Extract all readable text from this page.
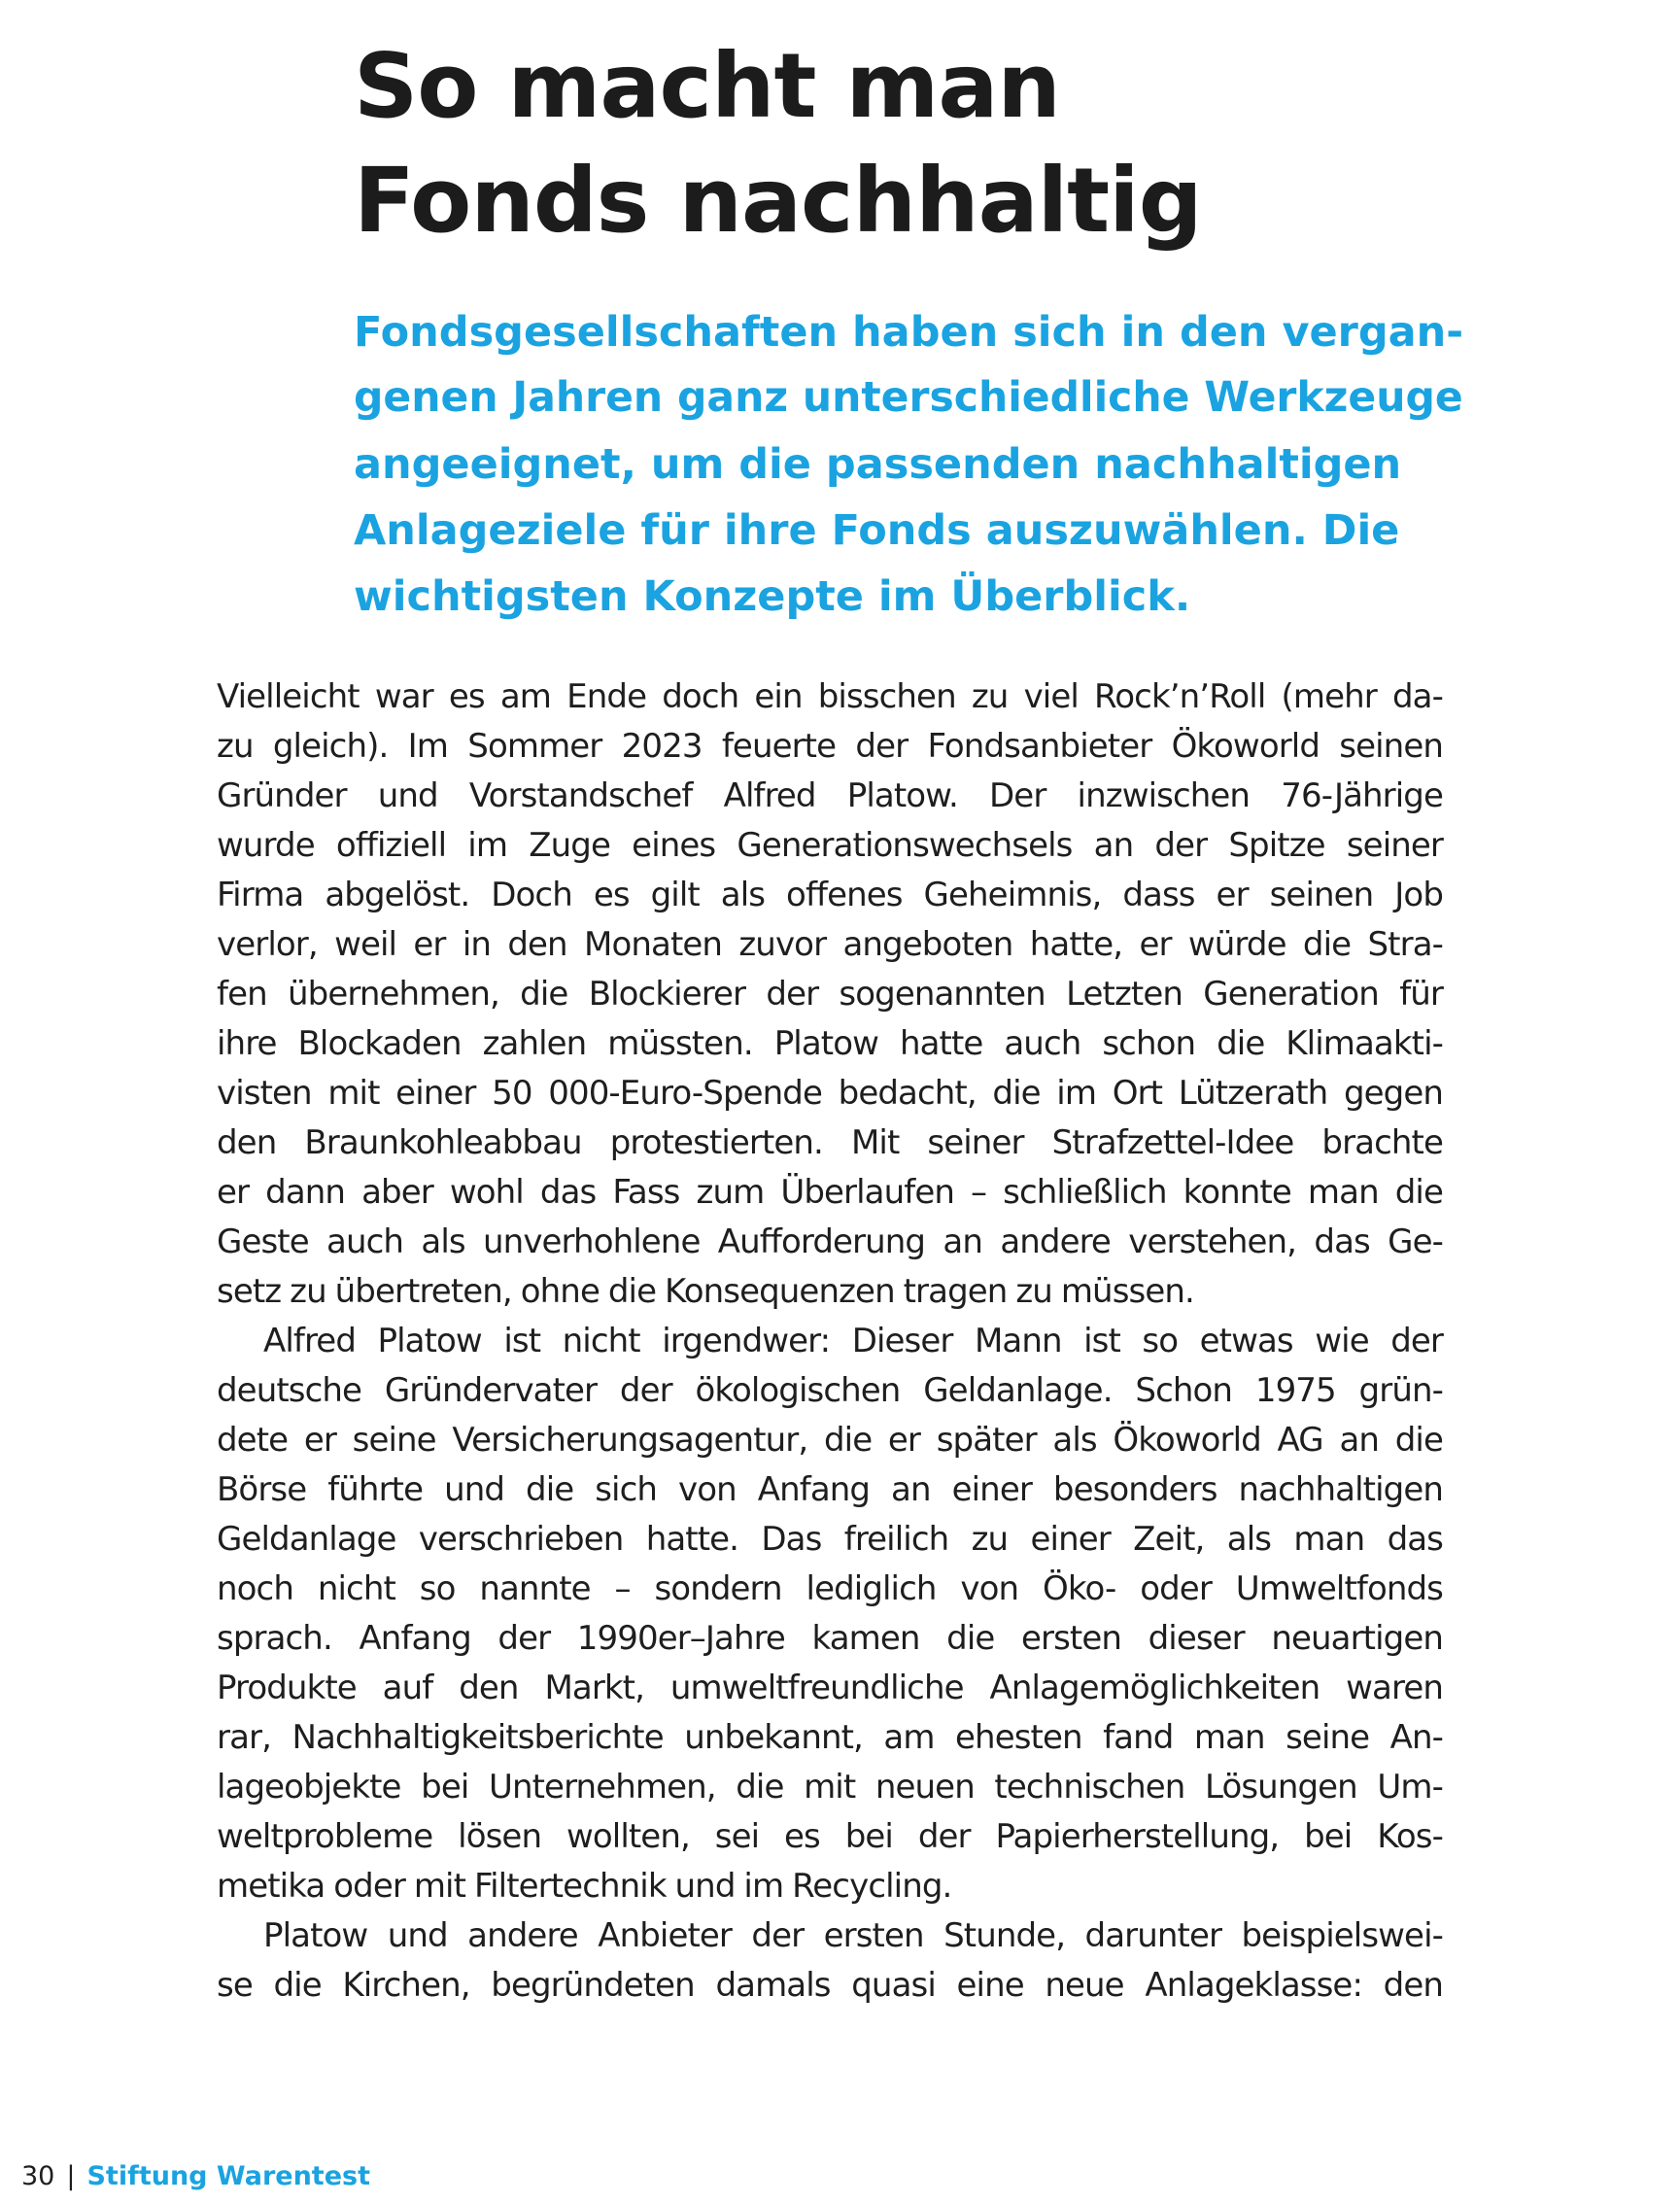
So macht man
Fonds nachhaltig

Fondsgesellschaften haben sich in den vergan-
genen Jahren ganz unterschiedliche Werkzeuge
angeeignet, um die passenden nachhaltigen
Anlageziele für ihre Fonds auszuwählen. Die
wichtigsten Konzepte im Überblick.

Vielleicht war es am Ende doch ein bisschen zu viel Rock’n’Roll (mehr da-
zu gleich). Im Sommer 2023 feuerte der Fondsanbieter Ökoworld seinen
Gründer und Vorstandschef Alfred Platow. Der inzwischen 76-Jährige
wurde offiziell im Zuge eines Generationswechsels an der Spitze seiner
Firma abgelöst. Doch es gilt als offenes Geheimnis, dass er seinen Job
verlor, weil er in den Monaten zuvor angeboten hatte, er würde die Stra-
fen übernehmen, die Blockierer der sogenannten Letzten Generation für
ihre Blockaden zahlen müssten. Platow hatte auch schon die Klimaakti-
visten mit einer 50 000-Euro-Spende bedacht, die im Ort Lützerath gegen
den Braunkohleabbau protestierten. Mit seiner Strafzettel-Idee brachte
er dann aber wohl das Fass zum Überlaufen – schließlich konnte man die
Geste auch als unverhohlene Aufforderung an andere verstehen, das Ge-
setz zu übertreten, ohne die Konsequenzen tragen zu müssen.
Alfred Platow ist nicht irgendwer: Dieser Mann ist so etwas wie der
deutsche Gründervater der ökologischen Geldanlage. Schon 1975 grün-
dete er seine Versicherungsagentur, die er später als Ökoworld AG an die
Börse führte und die sich von Anfang an einer besonders nachhaltigen
Geldanlage verschrieben hatte. Das freilich zu einer Zeit, als man das
noch nicht so nannte – sondern lediglich von Öko- oder Umweltfonds
sprach. Anfang der 1990er–Jahre kamen die ersten dieser neuartigen
Produkte auf den Markt, umweltfreundliche Anlagemöglichkeiten waren
rar, Nachhaltigkeitsberichte unbekannt, am ehesten fand man seine An-
lageobjekte bei Unternehmen, die mit neuen technischen Lösungen Um-
weltprobleme lösen wollten, sei es bei der Papierherstellung, bei Kos-
metika oder mit Filtertechnik und im Recycling.
Platow und andere Anbieter der ersten Stunde, darunter beispielswei-
se die Kirchen, begründeten damals quasi eine neue Anlageklasse: den
30 | Stiftung Warentest
